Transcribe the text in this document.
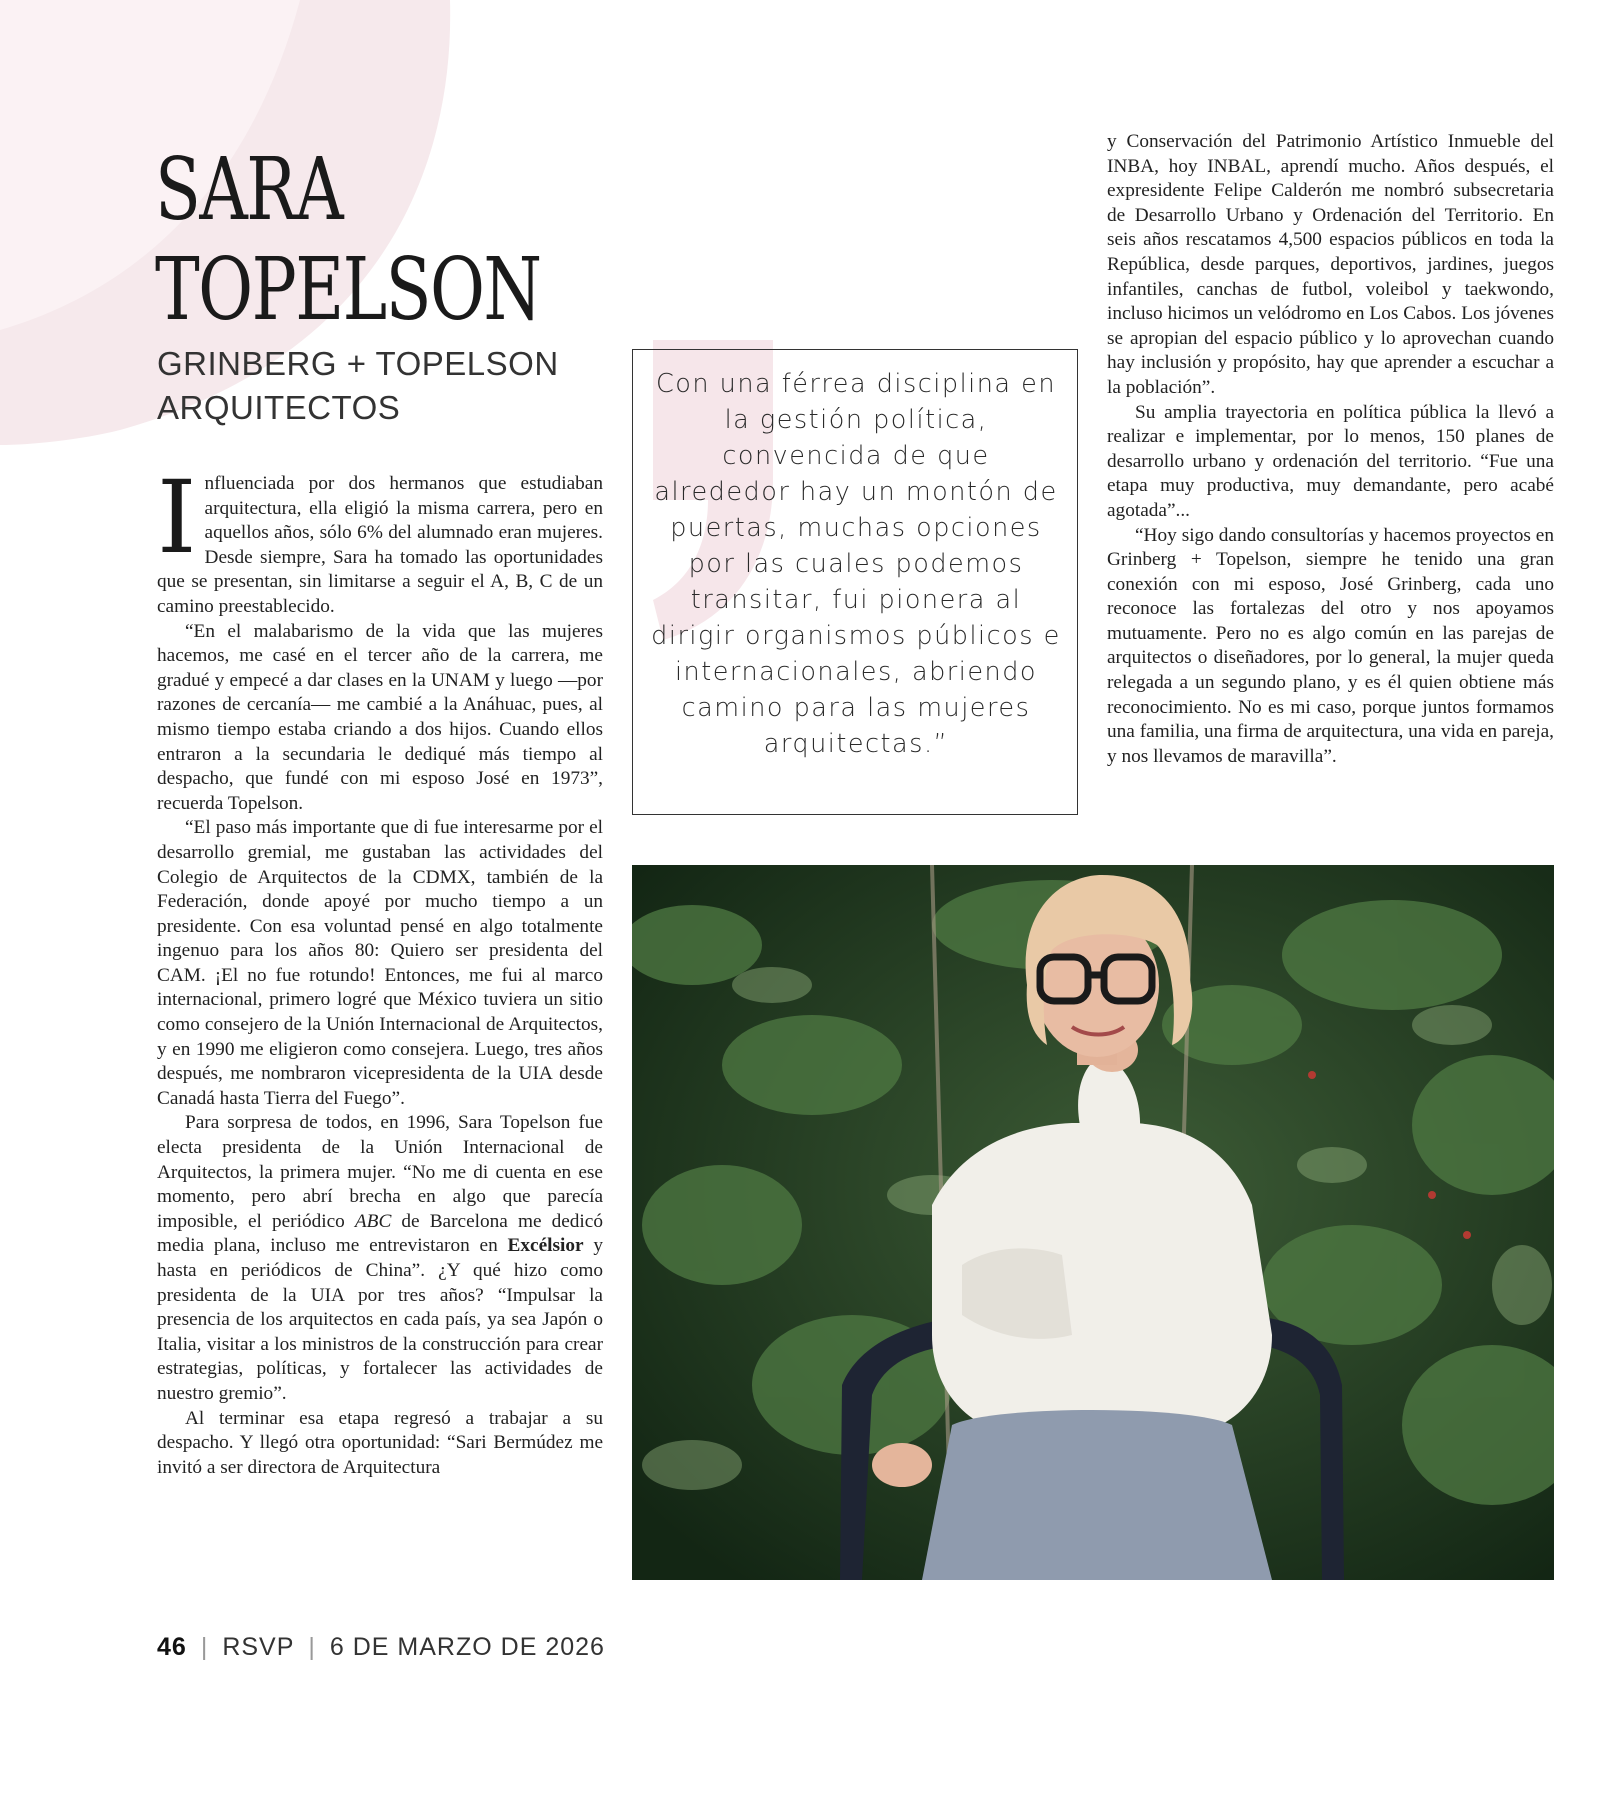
SARA
TOPELSON
GRINBERG + TOPELSON
ARQUITECTOS

Influenciada por dos hermanos que estudiaban arquitectura, ella eligió la misma carrera, pero en aquellos años, sólo 6% del alumnado eran mujeres. Desde siempre, Sara ha tomado las oportunidades que se presentan, sin limitarse a seguir el A, B, C de un camino preestablecido.

“En el malabarismo de la vida que las mujeres hacemos, me casé en el tercer año de la carrera, me gradué y empecé a dar clases en la UNAM y luego —por razones de cercanía— me cambié a la Anáhuac, pues, al mismo tiempo estaba criando a dos hijos. Cuando ellos entraron a la secundaria le dediqué más tiempo al despacho, que fundé con mi esposo José en 1973”, recuerda Topelson.

“El paso más importante que di fue interesarme por el desarrollo gremial, me gustaban las actividades del Colegio de Arquitectos de la CDMX, también de la Federación, donde apoyé por mucho tiempo a un presidente. Con esa voluntad pensé en algo totalmente ingenuo para los años 80: Quiero ser presidenta del CAM. ¡El no fue rotundo! Entonces, me fui al marco internacional, primero logré que México tuviera un sitio como consejero de la Unión Internacional de Arquitectos, y en 1990 me eligieron como consejera. Luego, tres años después, me nombraron vicepresidenta de la UIA desde Canadá hasta Tierra del Fuego”.

Para sorpresa de todos, en 1996, Sara Topelson fue electa presidenta de la Unión Internacional de Arquitectos, la primera mujer. “No me di cuenta en ese momento, pero abrí brecha en algo que parecía imposible, el periódico ABC de Barcelona me dedicó media plana, incluso me entrevistaron en Excélsior y hasta en periódicos de China”. ¿Y qué hizo como presidenta de la UIA por tres años? “Impulsar la presencia de los arquitectos en cada país, ya sea Japón o Italia, visitar a los ministros de la construcción para crear estrategias, políticas, y fortalecer las actividades de nuestro gremio”.

Al terminar esa etapa regresó a trabajar a su despacho. Y llegó otra oportunidad: “Sari Bermúdez me invitó a ser directora de Arquitectura

Con una férrea disciplina en la gestión política, convencida de que alrededor hay un montón de puertas, muchas opciones por las cuales podemos transitar, fui pionera al dirigir organismos públicos e internacionales, abriendo camino para las mujeres arquitectas.”

y Conservación del Patrimonio Artístico Inmueble del INBA, hoy INBAL, aprendí mucho. Años después, el expresidente Felipe Calderón me nombró subsecretaria de Desarrollo Urbano y Ordenación del Territorio. En seis años rescatamos 4,500 espacios públicos en toda la República, desde parques, deportivos, jardines, juegos infantiles, canchas de futbol, voleibol y taekwondo, incluso hicimos un velódromo en Los Cabos. Los jóvenes se apropian del espacio público y lo aprovechan cuando hay inclusión y propósito, hay que aprender a escuchar a la población”.

Su amplia trayectoria en política pública la llevó a realizar e implementar, por lo menos, 150 planes de desarrollo urbano y ordenación del territorio. “Fue una etapa muy productiva, muy demandante, pero acabé agotada”...

“Hoy sigo dando consultorías y hacemos proyectos en Grinberg + Topelson, siempre he tenido una gran conexión con mi esposo, José Grinberg, cada uno reconoce las fortalezas del otro y nos apoyamos mutuamente. Pero no es algo común en las parejas de arquitectos o diseñadores, por lo general, la mujer queda relegada a un segundo plano, y es él quien obtiene más reconocimiento. No es mi caso, porque juntos formamos una familia, una firma de arquitectura, una vida en pareja, y nos llevamos de maravilla”.

46 | RSVP | 6 DE MARZO DE 2026
